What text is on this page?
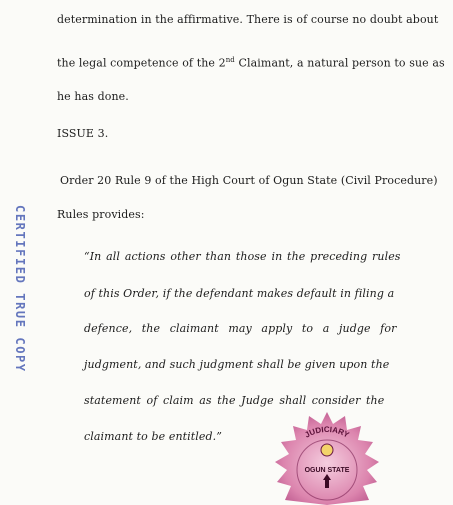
determination in the affirmative. There is of course no doubt about
the legal competence of the 2nd Claimant, a natural person to sue as
he has done.
ISSUE 3.
Order 20 Rule 9 of the High Court of Ogun State (Civil Procedure)
Rules provides:
“In all actions other than those in the preceding rules
of this Order, if the defendant makes default in filing a
defence, the claimant may apply to a judge for
judgment, and such judgment shall be given upon the
statement of claim as the Judge shall consider the
claimant to be entitled.”
CERTIFIED TRUE COPY
JUDICIARY
OGUN STATE
